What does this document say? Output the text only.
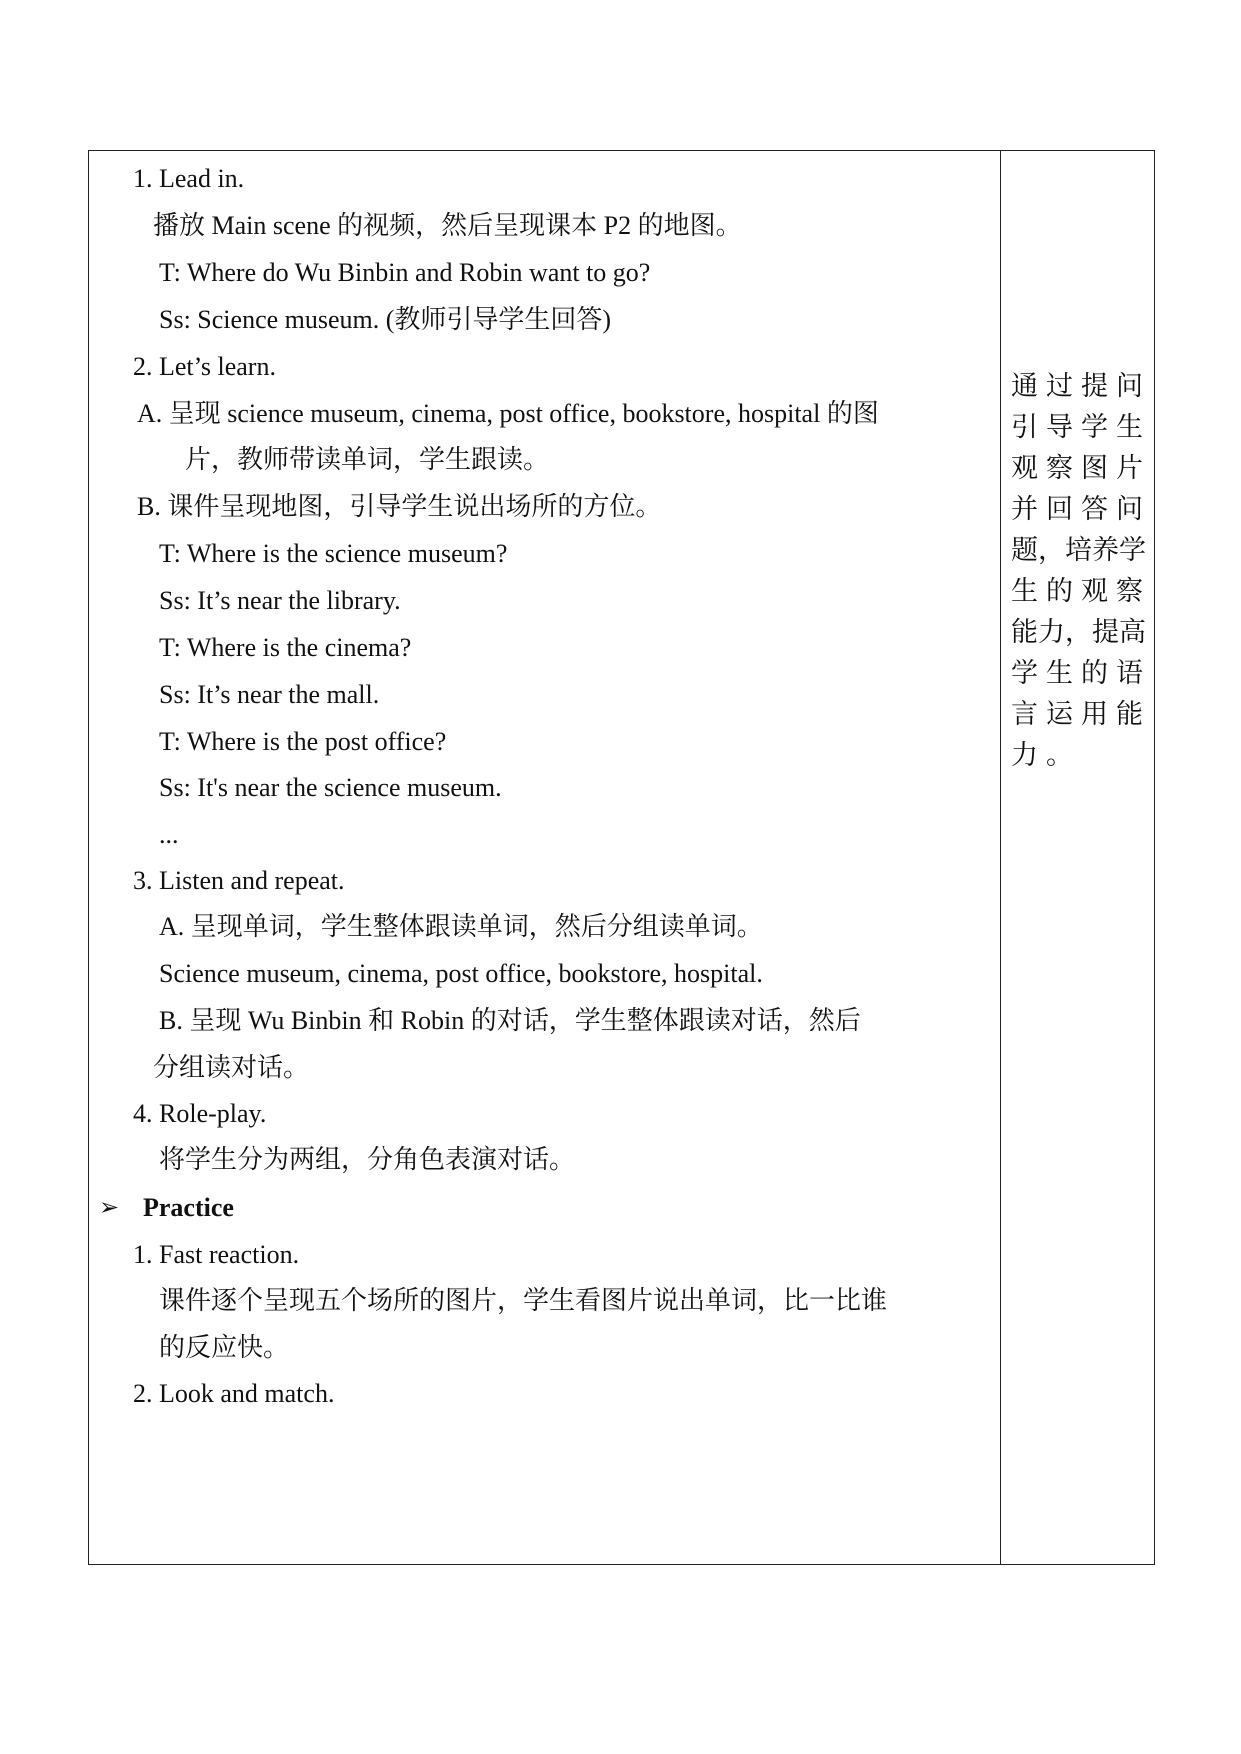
1. Lead in.
播放 Main scene 的视频，然后呈现课本 P2 的地图。
T: Where do Wu Binbin and Robin want to go?
Ss: Science museum. (教师引导学生回答)
2. Let’s learn.
A. 呈现 science museum, cinema, post office, bookstore, hospital 的图
片，教师带读单词，学生跟读。
B. 课件呈现地图，引导学生说出场所的方位。
T: Where is the science museum?
Ss: It’s near the library.
T: Where is the cinema?
Ss: It’s near the mall.
T: Where is the post office?
Ss: It's near the science museum.
...
3. Listen and repeat.
A. 呈现单词，学生整体跟读单词，然后分组读单词。
Science museum, cinema, post office, bookstore, hospital.
B. 呈现 Wu Binbin 和 Robin 的对话，学生整体跟读对话，然后
分组读对话。
4. Role-play.
将学生分为两组，分角色表演对话。
➢ Practice
1. Fast reaction.
课件逐个呈现五个场所的图片，学生看图片说出单词，比一比谁
的反应快。
2. Look and match.
通过提问
引导学生
观察图片
并回答问
题，培养学
生的观察
能力，提高
学生的语
言运用能
力。
